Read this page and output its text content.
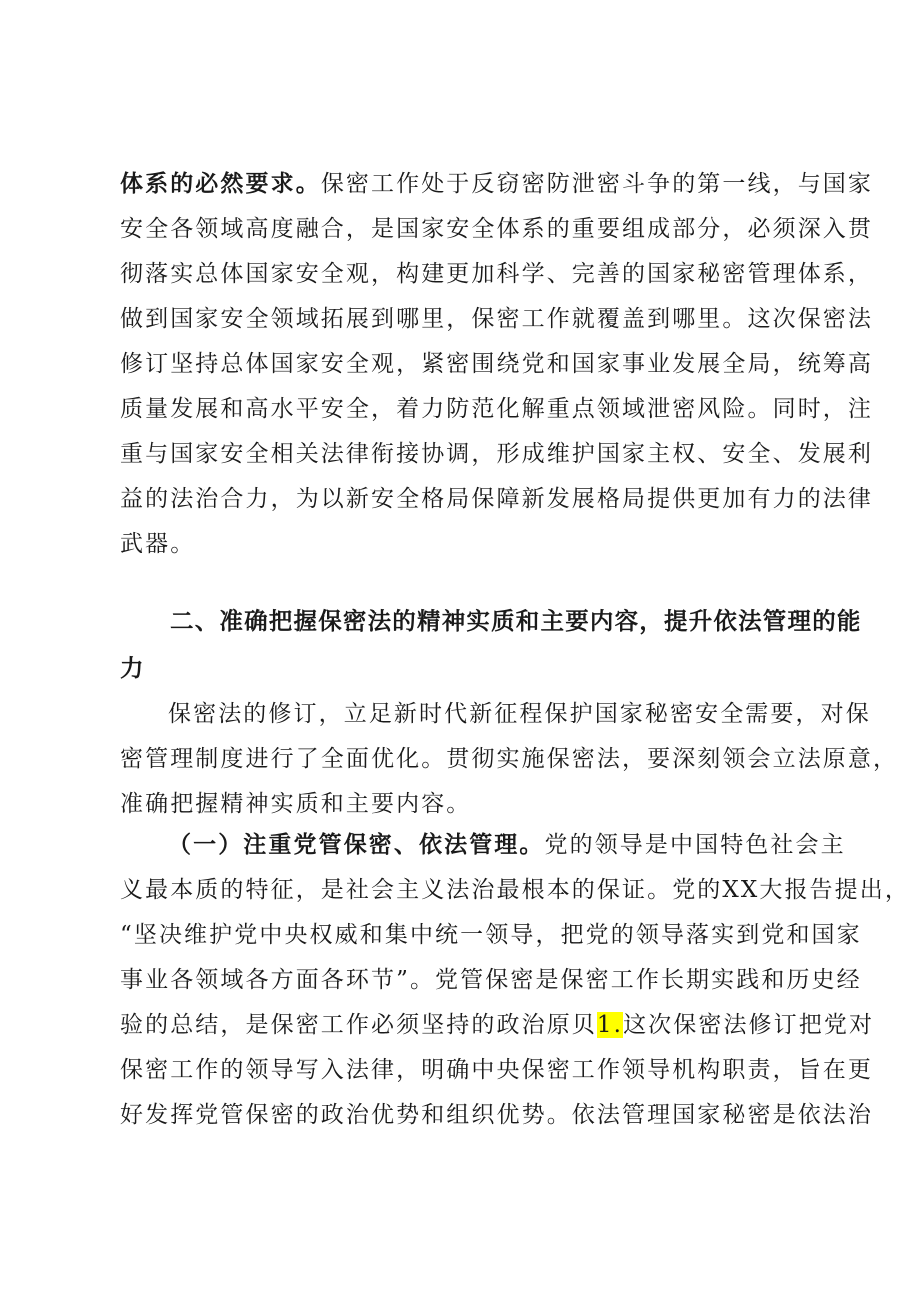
体系的必然要求。保密工作处于反窃密防泄密斗争的第一线，与国家
安全各领域高度融合，是国家安全体系的重要组成部分，必须深入贯
彻落实总体国家安全观，构建更加科学、完善的国家秘密管理体系，
做到国家安全领域拓展到哪里，保密工作就覆盖到哪里。这次保密法
修订坚持总体国家安全观，紧密围绕党和国家事业发展全局，统筹高
质量发展和高水平安全，着力防范化解重点领域泄密风险。同时，注
重与国家安全相关法律衔接协调，形成维护国家主权、安全、发展利
益的法治合力，为以新安全格局保障新发展格局提供更加有力的法律
武器。
二、准确把握保密法的精神实质和主要内容，提升依法管理的能
力
保密法的修订，立足新时代新征程保护国家秘密安全需要，对保
密管理制度进行了全面优化。贯彻实施保密法，要深刻领会立法原意，
准确把握精神实质和主要内容。
（一）注重党管保密、依法管理。党的领导是中国特色社会主
义最本质的特征，是社会主义法治最根本的保证。党的XX大报告提出，
“坚决维护党中央权威和集中统一领导，把党的领导落实到党和国家
事业各领域各方面各环节”。党管保密是保密工作长期实践和历史经
验的总结，是保密工作必须坚持的政治原贝1.这次保密法修订把党对
保密工作的领导写入法律，明确中央保密工作领导机构职责，旨在更
好发挥党管保密的政治优势和组织优势。依法管理国家秘密是依法治
